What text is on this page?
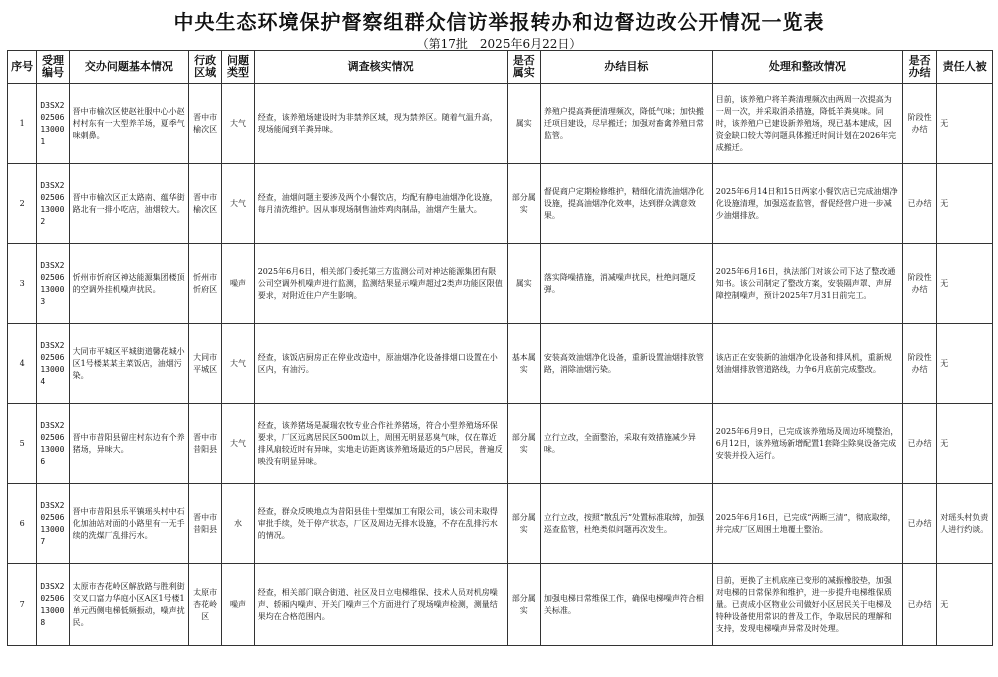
中央生态环境保护督察组群众信访举报转办和边督边改公开情况一览表
（第17批　2025年6月22日）
序号	受理编号	交办问题基本情况	行政区域	问题类型	调查核实情况	是否属实	办结目标	处理和整改情况	是否办结	责任人被
1	D3SX202506130001	晋中市榆次区使赵社服中心小赵村村东有一大型养羊场，夏季气味刺鼻。	晋中市榆次区	大气	经查，该养殖场建设时为非禁养区域，现为禁养区。随着气温升高，现场能闻到羊粪异味。	属实	养殖户提高粪便清理频次，降低气味；加快搬迁项目建设，尽早搬迁；加强对畜禽养殖日常监管。	目前，该养殖户将羊粪清理频次由两周一次提高为一周一次，并采取消杀措施，降低羊粪臭味。同时，该养殖户已建设新养殖场，现已基本建成，因资金缺口较大等问题具体搬迁时间计划在2026年完成搬迁。	阶段性办结	无
2	D3SX202506130002	晋中市榆次区正太路南、蕴华街路北有一排小吃店，油烟较大。	晋中市榆次区	大气	经查，油烟问题主要涉及两个小餐饮店，均配有静电油烟净化设施，每月清洗维护。因从事现场制售油炸鸡肉制品，油烟产生量大。	部分属实	督促商户定期检修维护，精细化清洗油烟净化设施，提高油烟净化效率，达到群众满意效果。	2025年6月14日和15日两家小餐饮店已完成油烟净化设施清理，加强巡查监管，督促经营户进一步减少油烟排放。	已办结	无
3	D3SX202506130003	忻州市忻府区神达能源集团楼顶的空调外挂机噪声扰民。	忻州市忻府区	噪声	2025年6月6日，相关部门委托第三方监测公司对神达能源集团有限公司空调外机噪声进行监测，监测结果显示噪声超过2类声功能区限值要求，对附近住户产生影响。	属实	落实降噪措施，消减噪声扰民，杜绝问题反弹。	2025年6月16日，执法部门对该公司下达了整改通知书。该公司制定了整改方案，安装隔声罩、声屏障控制噪声，预计2025年7月31日前完工。	阶段性办结	无
4	D3SX202506130004	大同市平城区平城街道馨花城小区1号楼某某主菜饭店，油烟污染。	大同市平城区	大气	经查，该饭店厨房正在停业改造中，原油烟净化设备排烟口设置在小区内，有油污。	基本属实	安装高效油烟净化设备，重新设置油烟排放管路，消除油烟污染。	该店正在安装新的油烟净化设备和排风机，重新规划油烟排放管道路线，力争6月底前完成整改。	阶段性办结	无
5	D3SX202506130006	晋中市昔阳县留庄村东边有个养猪场，异味大。	晋中市昔阳县	大气	经查，该养猪场是凝瑞农牧专业合作社养猪场，符合小型养殖场环保要求，厂区远离居民区500m以上，周围无明显恶臭气味，仅在靠近排风扇较近时有异味，实地走访距离该养殖场最近的5户居民，普遍反映没有明显异味。	部分属实	立行立改，全面整治，采取有效措施减少异味。	2025年6月9日，已完成该养殖场及周边环境整治，6月12日，该养殖场新增配置1套降尘除臭设备完成安装并投入运行。	已办结	无
6	D3SX202506130007	晋中市昔阳县乐平镇瑶头村中石化加油站对面的小路里有一无手续的洗煤厂乱排污水。	晋中市昔阳县	水	经查，群众反映地点为昔阳县佳十型煤加工有限公司，该公司未取得审批手续，处于停产状态，厂区及周边无排水设施，不存在乱排污水的情况。	部分属实	立行立改，按照“散乱污”处置标准取缔，加强巡查监管，杜绝类似问题再次发生。	2025年6月16日，已完成“两断三清”，彻底取缔，并完成厂区周围土地覆土整治。	已办结	对瑶头村负责人进行约谈。
7	D3SX202506130008	太原市杏花岭区解放路与胜利街交叉口富力华庭小区A区1号楼1单元西侧电梯低频振动，噪声扰民。	太原市杏花岭区	噪声	经查，相关部门联合街道、社区及日立电梯维保、技术人员对机房噪声、轿厢内噪声、开关门噪声三个方面进行了现场噪声检测，测量结果均在合格范围内。	部分属实	加强电梯日常维保工作，确保电梯噪声符合相关标准。	目前，更换了主机底座已变形的减振橡胶垫，加强对电梯的日常保养和维护，进一步提升电梯维保质量。已责成小区物业公司做好小区居民关于电梯及特种设备使用常识的普及工作，争取居民的理解和支持，发现电梯噪声异常及时处理。	已办结	无
